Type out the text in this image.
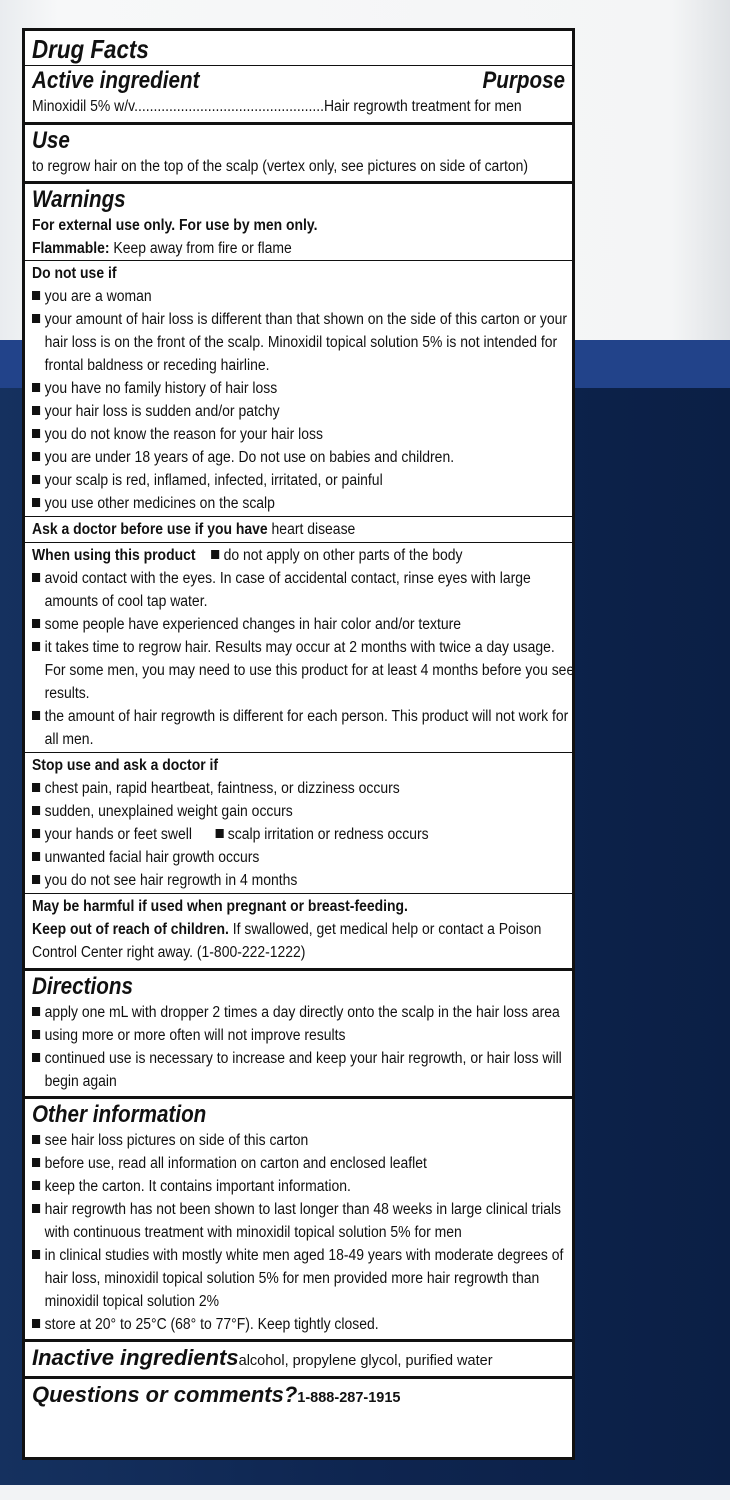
Drug Facts
Active ingredient	Purpose
Minoxidil 5% w/v.................................................Hair regrowth treatment for men
Use
to regrow hair on the top of the scalp (vertex only, see pictures on side of carton)
Warnings
For external use only. For use by men only.
Flammable: Keep away from fire or flame
Do not use if
you are a woman
your amount of hair loss is different than that shown on the side of this carton or your hair loss is on the front of the scalp. Minoxidil topical solution 5% is not intended for frontal baldness or receding hairline.
you have no family history of hair loss
your hair loss is sudden and/or patchy
you do not know the reason for your hair loss
you are under 18 years of age. Do not use on babies and children.
your scalp is red, inflamed, infected, irritated, or painful
you use other medicines on the scalp
Ask a doctor before use if you have heart disease
When using this product do not apply on other parts of the body
avoid contact with the eyes. In case of accidental contact, rinse eyes with large amounts of cool tap water.
some people have experienced changes in hair color and/or texture
it takes time to regrow hair. Results may occur at 2 months with twice a day usage. For some men, you may need to use this product for at least 4 months before you see results.
the amount of hair regrowth is different for each person. This product will not work for all men.
Stop use and ask a doctor if
chest pain, rapid heartbeat, faintness, or dizziness occurs
sudden, unexplained weight gain occurs
your hands or feet swell scalp irritation or redness occurs
unwanted facial hair growth occurs
you do not see hair regrowth in 4 months
May be harmful if used when pregnant or breast-feeding.
Keep out of reach of children. If swallowed, get medical help or contact a Poison Control Center right away. (1-800-222-1222)
Directions
apply one mL with dropper 2 times a day directly onto the scalp in the hair loss area
using more or more often will not improve results
continued use is necessary to increase and keep your hair regrowth, or hair loss will begin again
Other information
see hair loss pictures on side of this carton
before use, read all information on carton and enclosed leaflet
keep the carton. It contains important information.
hair regrowth has not been shown to last longer than 48 weeks in large clinical trials with continuous treatment with minoxidil topical solution 5% for men
in clinical studies with mostly white men aged 18-49 years with moderate degrees of hair loss, minoxidil topical solution 5% for men provided more hair regrowth than minoxidil topical solution 2%
store at 20° to 25°C (68° to 77°F). Keep tightly closed.
Inactive ingredients alcohol, propylene glycol, purified water
Questions or comments? 1-888-287-1915
